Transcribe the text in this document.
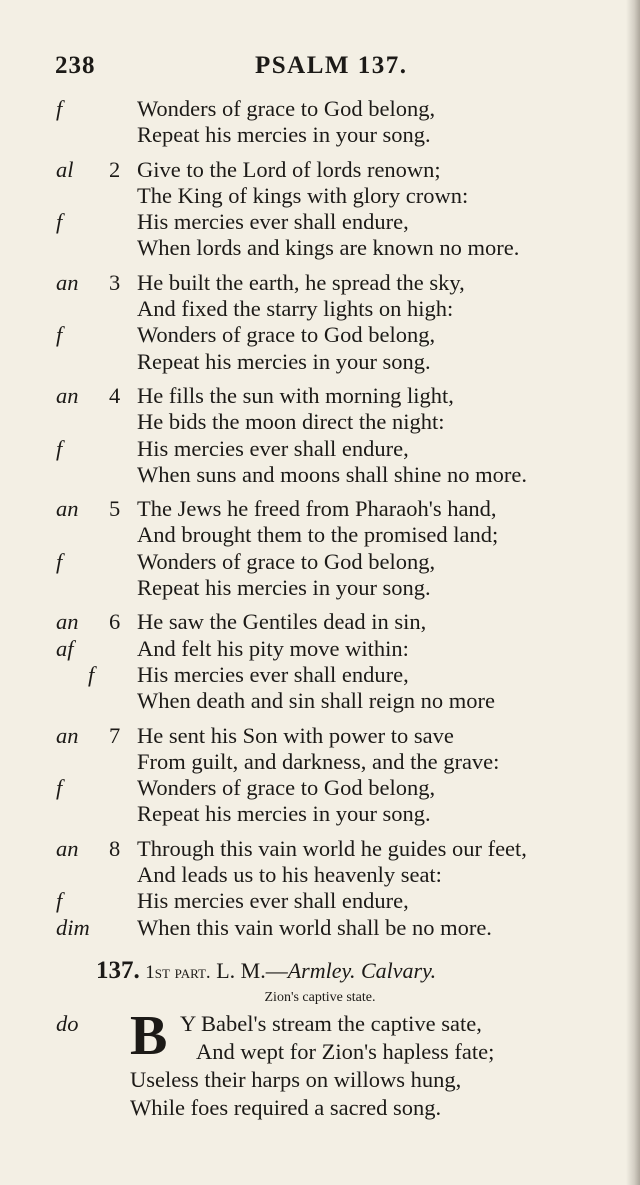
238	PSALM 137.
f	Wonders of grace to God belong,
Repeat his mercies in your song.
al 2 Give to the Lord of lords renown;
The King of kings with glory crown:
f	His mercies ever shall endure,
When lords and kings are known no more.
an 3 He built the earth, he spread the sky,
And fixed the starry lights on high:
f	Wonders of grace to God belong,
Repeat his mercies in your song.
an 4 He fills the sun with morning light,
He bids the moon direct the night:
f	His mercies ever shall endure,
When suns and moons shall shine no more.
an 5 The Jews he freed from Pharaoh's hand,
And brought them to the promised land;
f	Wonders of grace to God belong,
Repeat his mercies in your song.
an 6 He saw the Gentiles dead in sin,
af	And felt his pity move within:
f His mercies ever shall endure,
When death and sin shall reign no more
an 7 He sent his Son with power to save
From guilt, and darkness, and the grave:
f	Wonders of grace to God belong,
Repeat his mercies in your song.
an 8 Through this vain world he guides our feet,
And leads us to his heavenly seat:
f	His mercies ever shall endure,
dim When this vain world shall be no more.
137. 1st part. L. M.—Armley. Calvary.
Zion's captive state.
B
do	Y Babel's stream the captive sate,
And wept for Zion's hapless fate;
Useless their harps on willows hung,
While foes required a sacred song.
